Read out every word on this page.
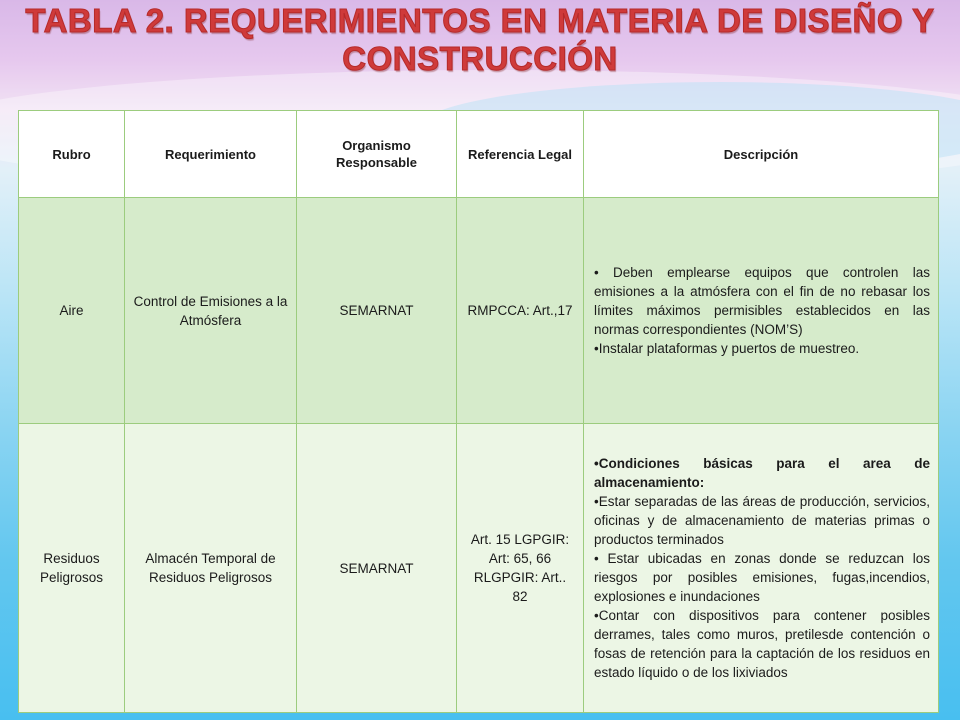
TABLA 2. REQUERIMIENTOS EN MATERIA DE DISEÑO Y
CONSTRUCCIÓN
Rubro	Requerimiento	Organismo Responsable	Referencia Legal	Descripción
Aire	Control de Emisiones a la Atmósfera	SEMARNAT	RMPCCA: Art.,17	• Deben emplearse equipos que controlen las emisiones a la atmósfera con el fin de no rebasar los límites máximos permisibles establecidos en las normas correspondientes (NOM’S)

•Instalar plataformas y puertos de muestreo.

Residuos Peligrosos	Almacén Temporal de Residuos Peligrosos	SEMARNAT	Art. 15 LGPGIR: Art: 65, 66 RLGPGIR: Art.. 82	•Condiciones básicas para el area de almacenamiento:

•Estar separadas de las áreas de producción, servicios, oficinas y de almacenamiento de materias primas o productos terminados

• Estar ubicadas en zonas donde se reduzcan los riesgos por posibles emisiones, fugas,incendios, explosiones e inundaciones

•Contar con dispositivos para contener posibles derrames, tales como muros, pretilesde contención o fosas de retención para la captación de los residuos en estado líquido o de los lixiviados
